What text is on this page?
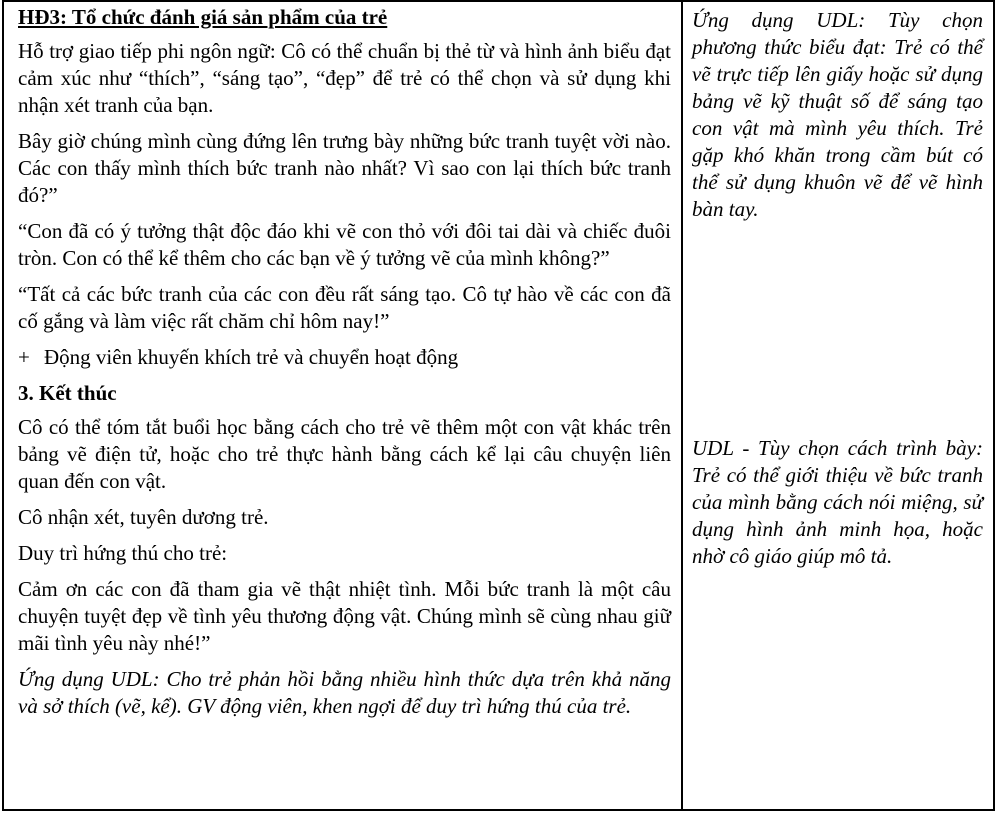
HĐ3: Tổ chức đánh giá sản phẩm của trẻ
Hỗ trợ giao tiếp phi ngôn ngữ: Cô có thể chuẩn bị thẻ từ và hình ảnh biểu đạt cảm xúc như “thích”, “sáng tạo”, “đẹp” để trẻ có thể chọn và sử dụng khi nhận xét tranh của bạn.
Bây giờ chúng mình cùng đứng lên trưng bày những bức tranh tuyệt vời nào. Các con thấy mình thích bức tranh nào nhất? Vì sao con lại thích bức tranh đó?”
“Con đã có ý tưởng thật độc đáo khi vẽ con thỏ với đôi tai dài và chiếc đuôi tròn. Con có thể kể thêm cho các bạn về ý tưởng vẽ của mình không?”
“Tất cả các bức tranh của các con đều rất sáng tạo. Cô tự hào về các con đã cố gắng và làm việc rất chăm chỉ hôm nay!”
+ Động viên khuyến khích trẻ và chuyển hoạt động
3. Kết thúc
Cô có thể tóm tắt buổi học bằng cách cho trẻ vẽ thêm một con vật khác trên bảng vẽ điện tử, hoặc cho trẻ thực hành bằng cách kể lại câu chuyện liên quan đến con vật.
Cô nhận xét, tuyên dương trẻ.
Duy trì hứng thú cho trẻ:
Cảm ơn các con đã tham gia vẽ thật nhiệt tình. Mỗi bức tranh là một câu chuyện tuyệt đẹp về tình yêu thương động vật. Chúng mình sẽ cùng nhau giữ mãi tình yêu này nhé!”
Ứng dụng UDL: Cho trẻ phản hồi bằng nhiều hình thức dựa trên khả năng và sở thích (vẽ, kể). GV động viên, khen ngợi để duy trì hứng thú của trẻ.

Ứng dụng UDL: Tùy chọn phương thức biểu đạt: Trẻ có thể vẽ trực tiếp lên giấy hoặc sử dụng bảng vẽ kỹ thuật số để sáng tạo con vật mà mình yêu thích. Trẻ gặp khó khăn trong cầm bút có thể sử dụng khuôn vẽ để vẽ hình bàn tay.

UDL - Tùy chọn cách trình bày: Trẻ có thể giới thiệu về bức tranh của mình bằng cách nói miệng, sử dụng hình ảnh minh họa, hoặc nhờ cô giáo giúp mô tả.
